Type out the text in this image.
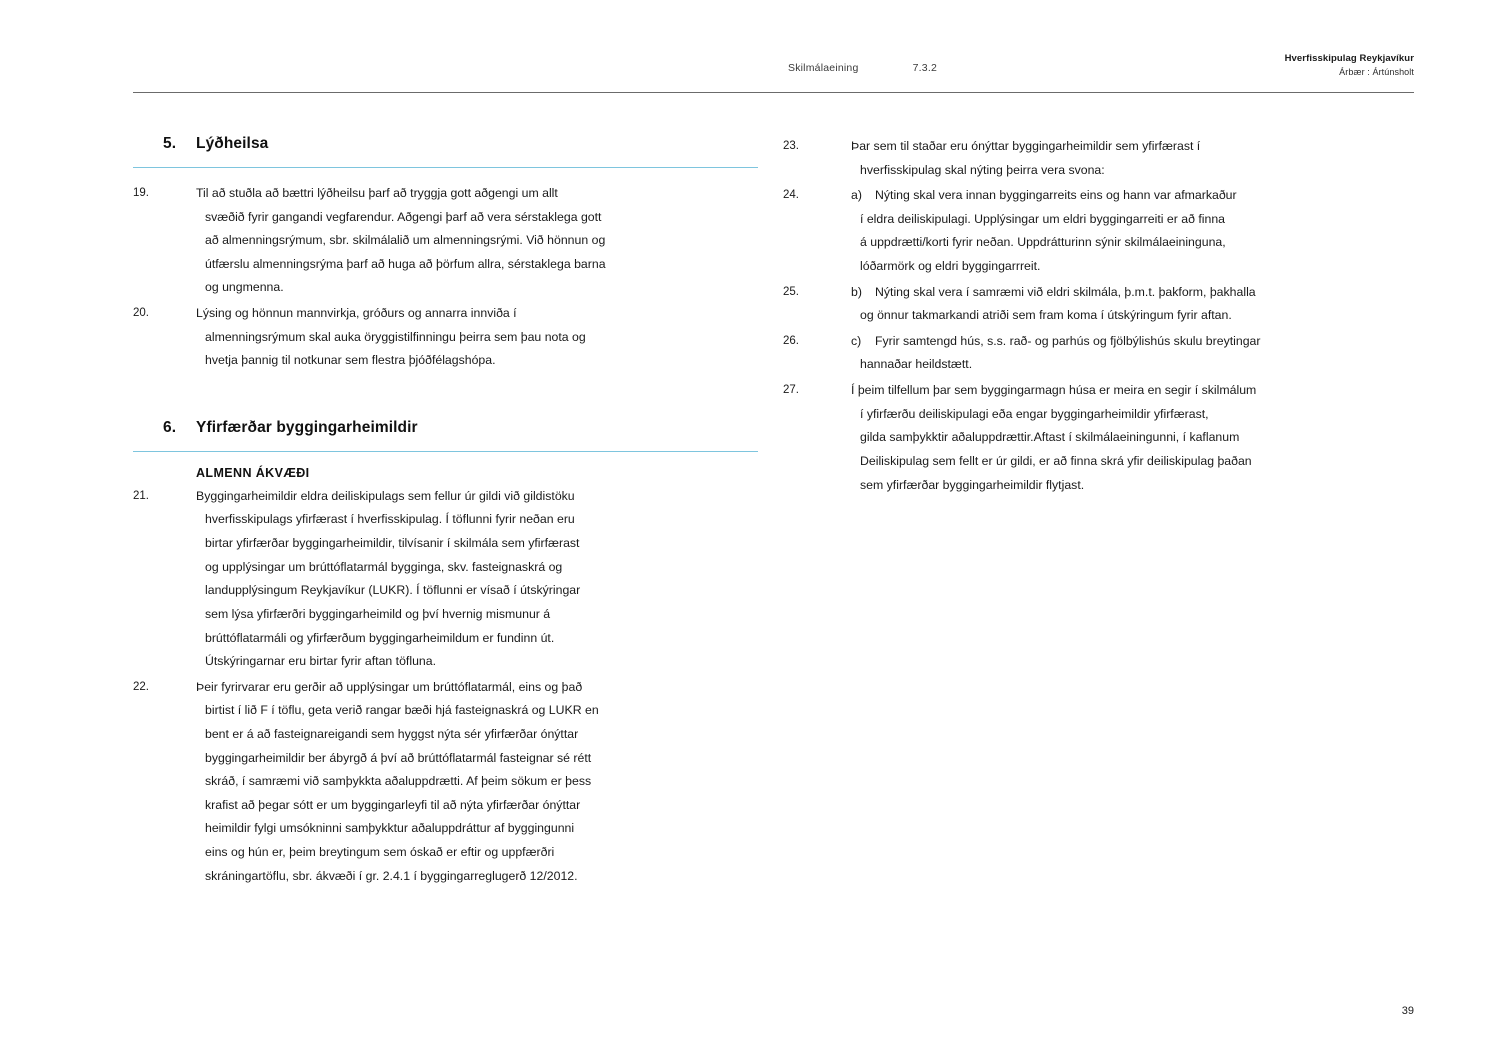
Skilmálaeining	7.3.2
Hverfisskipulag Reykjavíkur
Árbær : Ártúnsholt
5.	Lýðheilsa
19.	Til að stuðla að bættri lýðheilsu þarf að tryggja gott aðgengi um allt
svæðið fyrir gangandi vegfarendur. Aðgengi þarf að vera sérstaklega gott
að almenningsrýmum, sbr. skilmálalið um almenningsrými. Við hönnun og
útfærslu almenningsrýma þarf að huga að þörfum allra, sérstaklega barna
og ungmenna.
20.	Lýsing og hönnun mannvirkja, gróðurs og annarra innviða í
almenningsrýmum skal auka öryggistilfinningu þeirra sem þau nota og
hvetja þannig til notkunar sem flestra þjóðfélagshópa.
6.	Yfirfærðar byggingarheimildir
ALMENN ÁKVÆÐI
21.	Byggingarheimildir eldra deiliskipulags sem fellur úr gildi við gildistöku
hverfisskipulags yfirfærast í hverfisskipulag. Í töflunni fyrir neðan eru
birtar yfirfærðar byggingarheimildir, tilvísanir í skilmála sem yfirfærast
og upplýsingar um brúttóflatarmál bygginga, skv. fasteignaskrá og
landupplýsingum Reykjavíkur (LUKR). Í töflunni er vísað í útskýringar
sem lýsa yfirfærðri byggingarheimild og því hvernig mismunur á
brúttóflatarmáli og yfirfærðum byggingarheimildum er fundinn út.
Útskýringarnar eru birtar fyrir aftan töfluna.
22.	Þeir fyrirvarar eru gerðir að upplýsingar um brúttóflatarmál, eins og það
birtist í lið F í töflu, geta verið rangar bæði hjá fasteignaskrá og LUKR en
bent er á að fasteignareigandi sem hyggst nýta sér yfirfærðar ónýttar
byggingarheimildir ber ábyrgð á því að brúttóflatarmál fasteignar sé rétt
skráð, í samræmi við samþykkta aðaluppdrætti. Af þeim sökum er þess
krafist að þegar sótt er um byggingarleyfi til að nýta yfirfærðar ónýttar
heimildir fylgi umsókninni samþykktur aðaluppdráttur af byggingunni
eins og hún er, þeim breytingum sem óskað er eftir og uppfærðri
skráningartöflu, sbr. ákvæði í gr. 2.4.1 í byggingarreglugerð 12/2012.
23.	Þar sem til staðar eru ónýttar byggingarheimildir sem yfirfærast í
hverfisskipulag skal nýting þeirra vera svona:
24.	a) Nýting skal vera innan byggingarreits eins og hann var afmarkaður
í eldra deiliskipulagi. Upplýsingar um eldri byggingarreiti er að finna
á uppdrætti/korti fyrir neðan. Uppdrátturinn sýnir skilmálaeininguna,
lóðarmörk og eldri byggingarrreit.
25.	b) Nýting skal vera í samræmi við eldri skilmála, þ.m.t. þakform, þakhalla
og önnur takmarkandi atriði sem fram koma í útskýringum fyrir aftan.
26.	c) Fyrir samtengd hús, s.s. rað- og parhús og fjölbýlishús skulu breytingar
hannaðar heildstætt.
27.	Í þeim tilfellum þar sem byggingarmagn húsa er meira en segir í skilmálum
í yfirfærðu deiliskipulagi eða engar byggingarheimildir yfirfærast,
gilda samþykktir aðaluppdrættir.Aftast í skilmálaeiningunni, í kaflanum
Deiliskipulag sem fellt er úr gildi, er að finna skrá yfir deiliskipulag þaðan
sem yfirfærðar byggingarheimildir flytjast.
39
